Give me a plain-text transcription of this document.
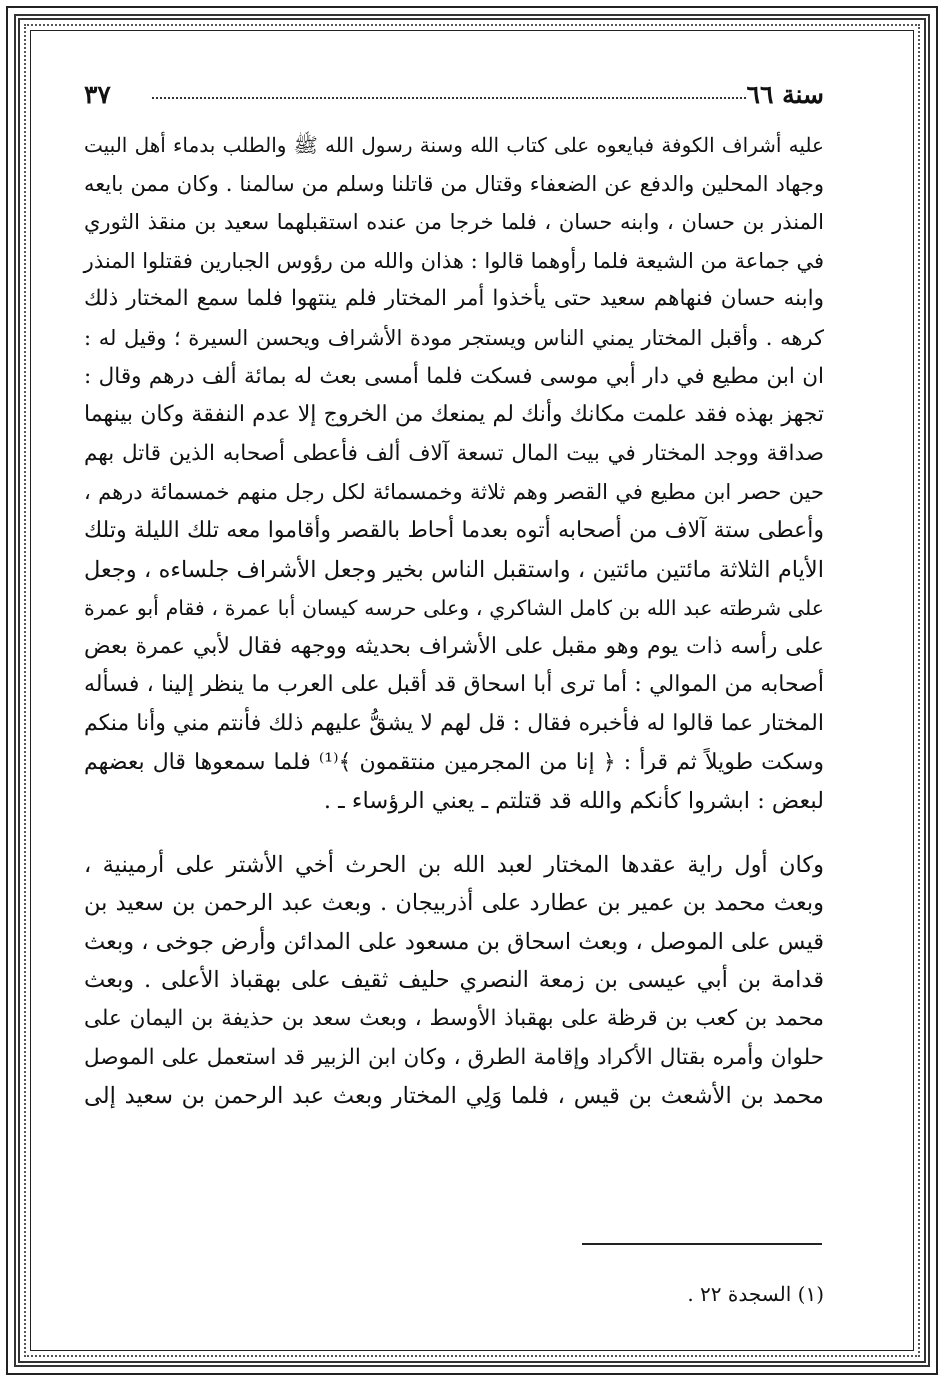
سنة ٦٦
٣٧
عليه أشراف الكوفة فبايعوه على كتاب الله وسنة رسول الله ﷺ والطلب بدماء أهل البيت
وجهاد المحلين والدفع عن الضعفاء وقتال من قاتلنا وسلم من سالمنا . وكان ممن بايعه
المنذر بن حسان ، وابنه حسان ، فلما خرجا من عنده استقبلهما سعيد بن منقذ الثوري
في جماعة من الشيعة فلما رأوهما قالوا : هذان والله من رؤوس الجبارين فقتلوا المنذر
وابنه حسان فنهاهم سعيد حتى يأخذوا أمر المختار فلم ينتهوا فلما سمع المختار ذلك
كرهه . وأقبل المختار يمني الناس ويستجر مودة الأشراف ويحسن السيرة ؛ وقيل له :
ان ابن مطيع في دار أبي موسى فسكت فلما أمسى بعث له بمائة ألف درهم وقال :
تجهز بهذه فقد علمت مكانك وأنك لم يمنعك من الخروج إلا عدم النفقة وكان بينهما
صداقة ووجد المختار في بيت المال تسعة آلاف ألف فأعطى أصحابه الذين قاتل بهم
حين حصر ابن مطيع في القصر وهم ثلاثة وخمسمائة لكل رجل منهم خمسمائة درهم ،
وأعطى ستة آلاف من أصحابه أتوه بعدما أحاط بالقصر وأقاموا معه تلك الليلة وتلك
الأيام الثلاثة مائتين مائتين ، واستقبل الناس بخير وجعل الأشراف جلساءه ، وجعل
على شرطته عبد الله بن كامل الشاكري ، وعلى حرسه كيسان أبا عمرة ، فقام أبو عمرة
على رأسه ذات يوم وهو مقبل على الأشراف بحديثه ووجهه فقال لأبي عمرة بعض
أصحابه من الموالي : أما ترى أبا اسحاق قد أقبل على العرب ما ينظر إلينا ، فسأله
المختار عما قالوا له فأخبره فقال : قل لهم لا يشقُّ عليهم ذلك فأنتم مني وأنا منكم
وسكت طويلاً ثم قرأ : ﴿ إنا من المجرمين منتقمون ﴾⁽¹⁾ فلما سمعوها قال بعضهم
لبعض : ابشروا كأنكم والله قد قتلتم ـ يعني الرؤساء ـ .
وكان أول راية عقدها المختار لعبد الله بن الحرث أخي الأشتر على أرمينية ،
وبعث محمد بن عمير بن عطارد على أذربيجان . وبعث عبد الرحمن بن سعيد بن
قيس على الموصل ، وبعث اسحاق بن مسعود على المدائن وأرض جوخى ، وبعث
قدامة بن أبي عيسى بن زمعة النصري حليف ثقيف على بهقباذ الأعلى . وبعث
محمد بن كعب بن قرظة على بهقباذ الأوسط ، وبعث سعد بن حذيفة بن اليمان على
حلوان وأمره بقتال الأكراد وإقامة الطرق ، وكان ابن الزبير قد استعمل على الموصل
محمد بن الأشعث بن قيس ، فلما وَلِي المختار وبعث عبد الرحمن بن سعيد إلى
(١) السجدة ٢٢ .
